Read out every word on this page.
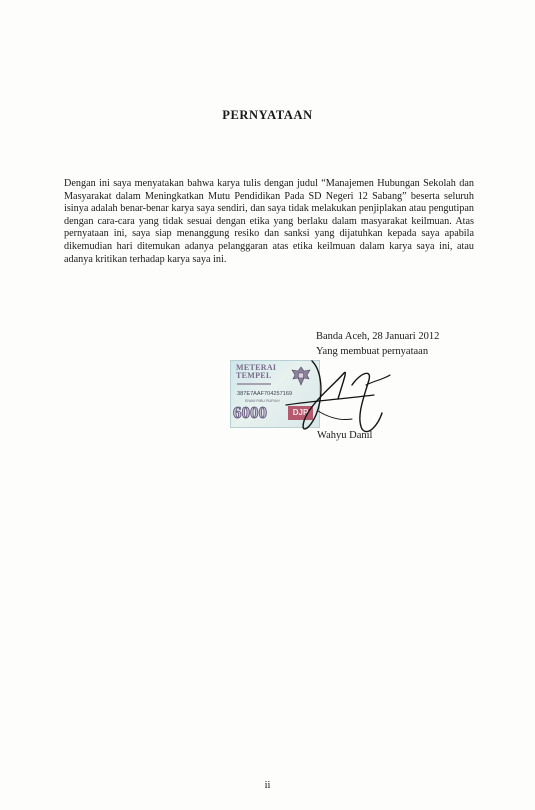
PERNYATAAN
Dengan ini saya menyatakan bahwa karya tulis dengan judul “Manajemen Hubungan Sekolah dan Masyarakat dalam Meningkatkan Mutu Pendidikan Pada SD Negeri 12 Sabang” beserta seluruh isinya adalah benar-benar karya saya sendiri, dan saya tidak melakukan penjiplakan atau pengutipan dengan cara-cara yang tidak sesuai dengan etika yang berlaku dalam masyarakat keilmuan. Atas pernyataan ini, saya siap menanggung resiko dan sanksi yang dijatuhkan kepada saya apabila dikemudian hari ditemukan adanya pelanggaran atas etika keilmuan dalam karya saya ini, atau adanya kritikan terhadap karya saya ini.
Banda Aceh, 28 Januari 2012
Yang membuat pernyataan
METERAI
TEMPEL
387E7AAF704257169
ENAM RIBU RUPIAH
6000	DJP
Wahyu Danil
ii
